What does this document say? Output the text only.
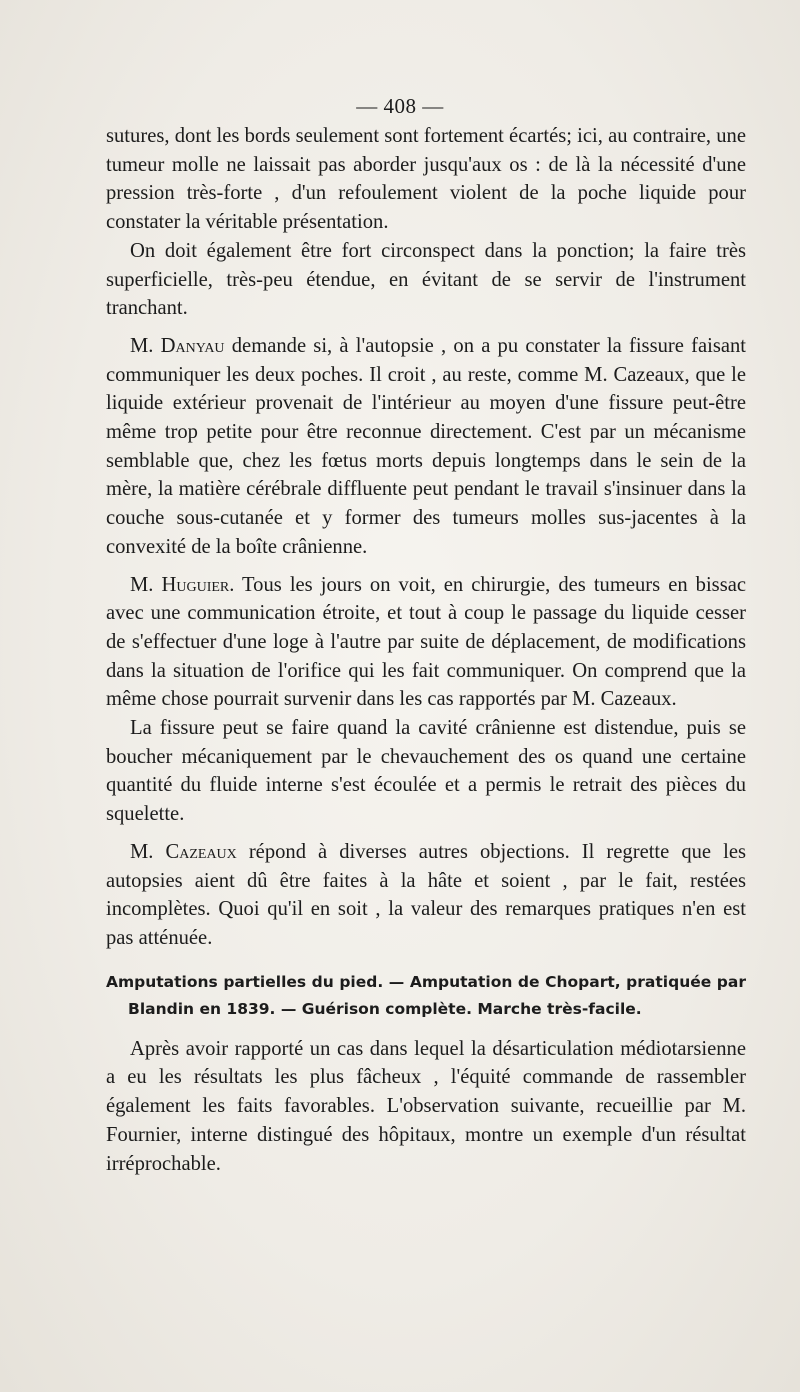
— 408 —

sutures, dont les bords seulement sont fortement écartés; ici, au contraire, une tumeur molle ne laissait pas aborder jusqu'aux os : de là la nécessité d'une pression très-forte , d'un refoulement violent de la poche liquide pour constater la véritable présentation.

On doit également être fort circonspect dans la ponction; la faire très superficielle, très-peu étendue, en évitant de se servir de l'instrument tranchant.

M. Danyau demande si, à l'autopsie , on a pu constater la fissure faisant communiquer les deux poches. Il croit , au reste, comme M. Cazeaux, que le liquide extérieur provenait de l'intérieur au moyen d'une fissure peut-être même trop petite pour être reconnue directement. C'est par un mécanisme semblable que, chez les fœtus morts depuis longtemps dans le sein de la mère, la matière cérébrale diffluente peut pendant le travail s'insinuer dans la couche sous-cutanée et y former des tumeurs molles sus-jacentes à la convexité de la boîte crânienne.

M. Huguier. Tous les jours on voit, en chirurgie, des tumeurs en bissac avec une communication étroite, et tout à coup le passage du liquide cesser de s'effectuer d'une loge à l'autre par suite de déplacement, de modifications dans la situation de l'orifice qui les fait communiquer. On comprend que la même chose pourrait survenir dans les cas rapportés par M. Cazeaux.

La fissure peut se faire quand la cavité crânienne est distendue, puis se boucher mécaniquement par le chevauchement des os quand une certaine quantité du fluide interne s'est écoulée et a permis le retrait des pièces du squelette.

M. Cazeaux répond à diverses autres objections. Il regrette que les autopsies aient dû être faites à la hâte et soient , par le fait, restées incomplètes. Quoi qu'il en soit , la valeur des remarques pratiques n'en est pas atténuée.

Amputations partielles du pied. — Amputation de Chopart, pratiquée par Blandin en 1839. — Guérison complète. Marche très-facile.

Après avoir rapporté un cas dans lequel la désarticulation médiotarsienne a eu les résultats les plus fâcheux , l'équité commande de rassembler également les faits favorables. L'observation suivante, recueillie par M. Fournier, interne distingué des hôpitaux, montre un exemple d'un résultat irréprochable.
